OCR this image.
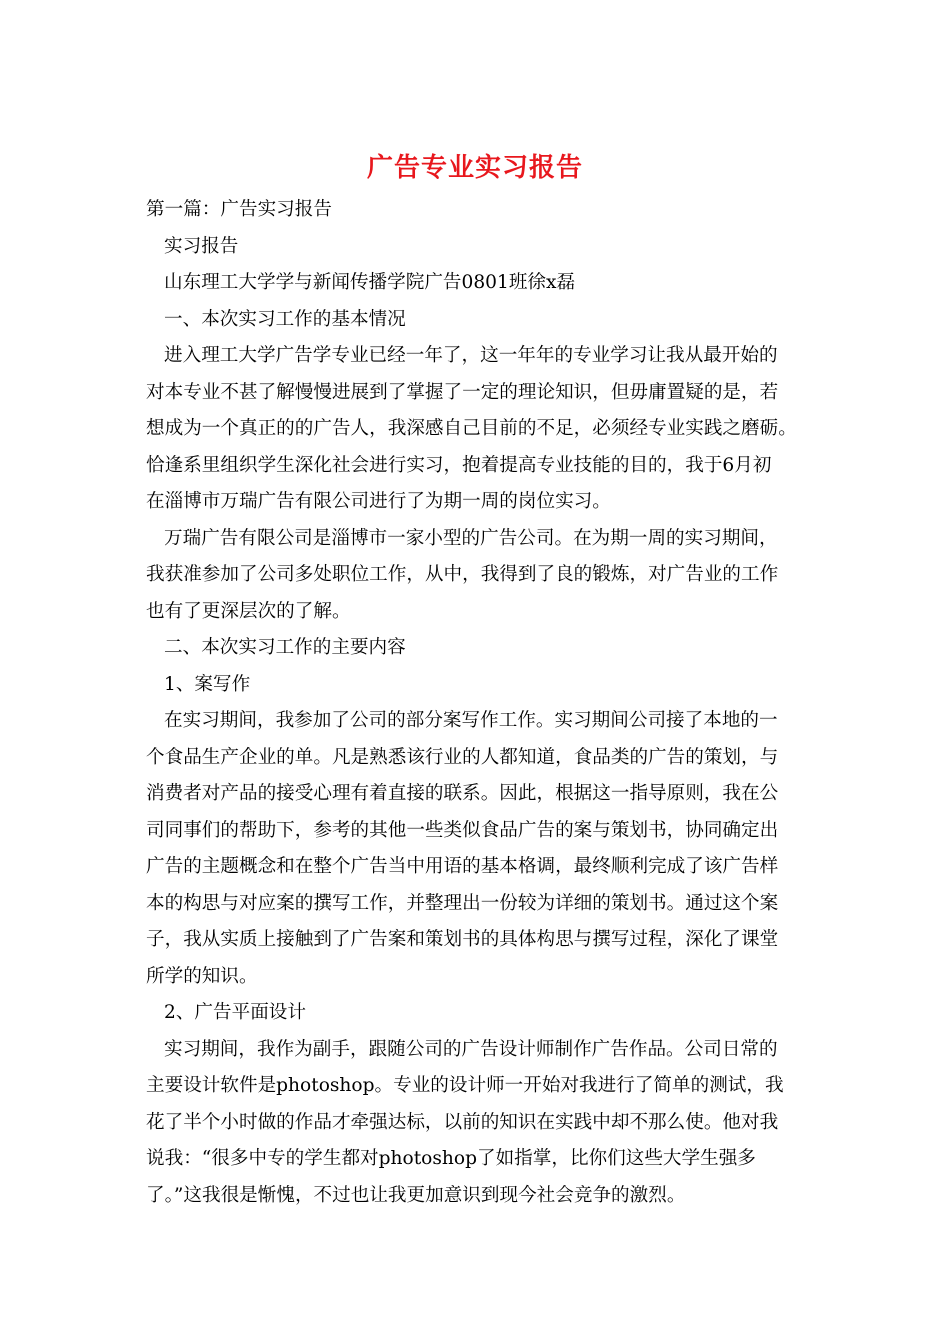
广告专业实习报告
第一篇：广告实习报告
实习报告
山东理工大学学与新闻传播学院广告0801班徐x磊
一、本次实习工作的基本情况
进入理工大学广告学专业已经一年了，这一年年的专业学习让我从最开始的
对本专业不甚了解慢慢进展到了掌握了一定的理论知识，但毋庸置疑的是，若
想成为一个真正的的广告人，我深感自己目前的不足，必须经专业实践之磨砺。
恰逢系里组织学生深化社会进行实习，抱着提高专业技能的目的，我于6月初
在淄博市万瑞广告有限公司进行了为期一周的岗位实习。
万瑞广告有限公司是淄博市一家小型的广告公司。在为期一周的实习期间，
我获准参加了公司多处职位工作，从中，我得到了良的锻炼，对广告业的工作
也有了更深层次的了解。
二、本次实习工作的主要内容
1、案写作
在实习期间，我参加了公司的部分案写作工作。实习期间公司接了本地的一
个食品生产企业的单。凡是熟悉该行业的人都知道，食品类的广告的策划，与
消费者对产品的接受心理有着直接的联系。因此，根据这一指导原则，我在公
司同事们的帮助下，参考的其他一些类似食品广告的案与策划书，协同确定出
广告的主题概念和在整个广告当中用语的基本格调，最终顺利完成了该广告样
本的构思与对应案的撰写工作，并整理出一份较为详细的策划书。通过这个案
子，我从实质上接触到了广告案和策划书的具体构思与撰写过程，深化了课堂
所学的知识。
2、广告平面设计
实习期间，我作为副手，跟随公司的广告设计师制作广告作品。公司日常的
主要设计软件是photoshop。专业的设计师一开始对我进行了简单的测试，我
花了半个小时做的作品才牵强达标，以前的知识在实践中却不那么使。他对我
说我：“很多中专的学生都对photoshop了如指掌，比你们这些大学生强多
了。”这我很是惭愧，不过也让我更加意识到现今社会竞争的激烈。
